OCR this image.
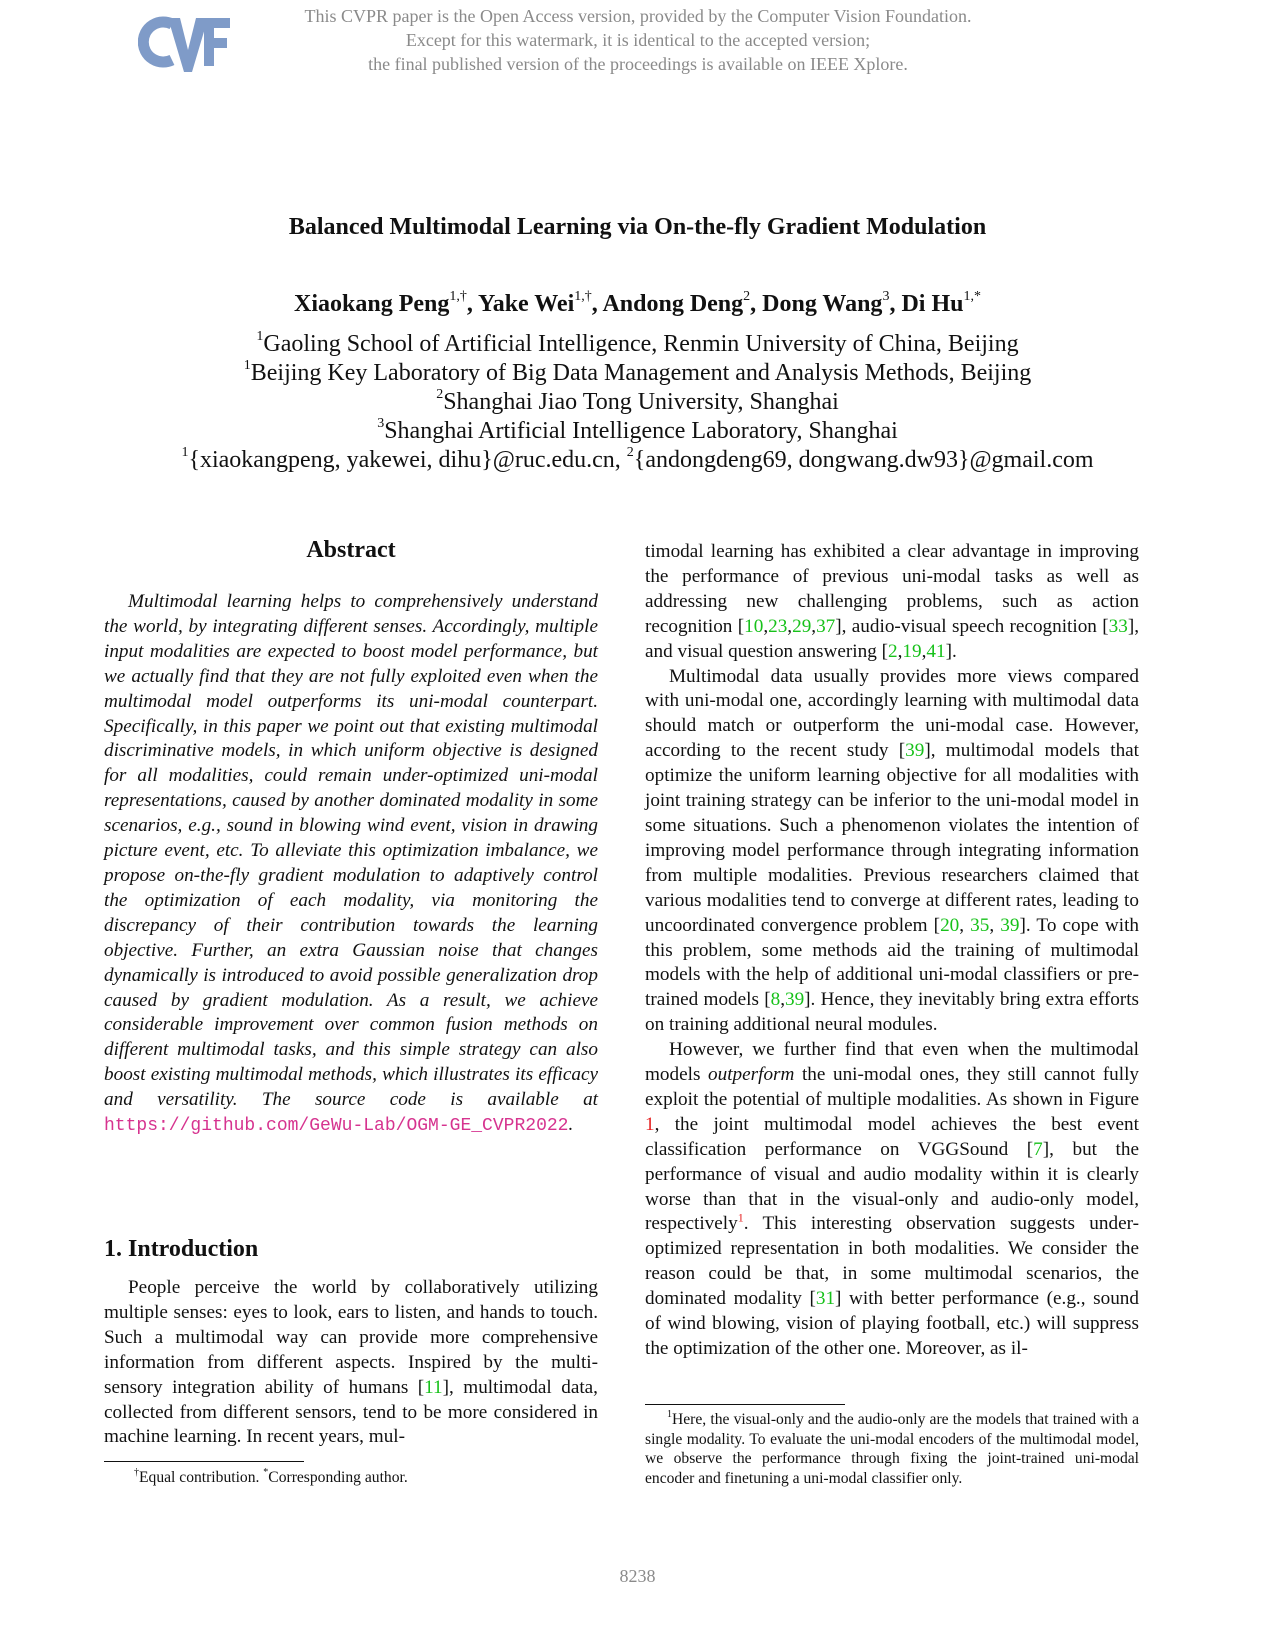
This CVPR paper is the Open Access version, provided by the Computer Vision Foundation.
Except for this watermark, it is identical to the accepted version;
the final published version of the proceedings is available on IEEE Xplore.
Balanced Multimodal Learning via On-the-fly Gradient Modulation
Xiaokang Peng$^{1,\dagger}$, Yake Wei$^{1,\dagger}$, Andong Deng$^2$, Dong Wang$^3$, Di $Hu^{1,*}$
$^1$Gaoling School of Artificial Intelligence, Renmin University of China, Beijing
$^1$Beijing Key Laboratory of Big Data Management and Analysis Methods, Beijing
$^2$Shanghai Jiao Tong University, Shanghai
$^3$Shanghai Artificial Intelligence Laboratory, Shanghai
$^1${xiaokangpeng, yakewei, dihu}@ruc.edu.cn, $^2${andongdeng69, dongwang.dw93}@gmail.com
Abstract

Multimodal learning helps to comprehensively understand the world, by integrating different senses. Accordingly, multiple input modalities are expected to boost model performance, but we actually find that they are not fully exploited even when the multimodal model outperforms its uni-modal counterpart. Specifically, in this paper we point out that existing multimodal discriminative models, in which uniform objective is designed for all modalities, could remain under-optimized uni-modal representations, caused by another dominated modality in some scenarios, e.g., sound in blowing wind event, vision in drawing picture event, etc. To alleviate this optimization imbalance, we propose on-the-fly gradient modulation to adaptively control the optimization of each modality, via monitoring the discrepancy of their contribution towards the learning objective. Further, an extra Gaussian noise that changes dynamically is introduced to avoid possible generalization drop caused by gradient modulation. As a result, we achieve considerable improvement over common fusion methods on different multimodal tasks, and this simple strategy can also boost existing multimodal methods, which illustrates its efficacy and versatility. The source code is available at https://github.com/GeWu-Lab/OGM-GE_CVPR2022.

1. Introduction

People perceive the world by collaboratively utilizing multiple senses: eyes to look, ears to listen, and hands to touch. Such a multimodal way can provide more comprehensive information from different aspects. Inspired by the multi-sensory integration ability of humans [11], multimodal data, collected from different sensors, tend to be more considered in machine learning. In recent years, mul-

†Equal contribution. *Corresponding author.

timodal learning has exhibited a clear advantage in improving the performance of previous uni-modal tasks as well as addressing new challenging problems, such as action recognition [10,23,29,37], audio-visual speech recognition [33], and visual question answering [2,19,41].

Multimodal data usually provides more views compared with uni-modal one, accordingly learning with multimodal data should match or outperform the uni-modal case. However, according to the recent study [39], multimodal models that optimize the uniform learning objective for all modalities with joint training strategy can be inferior to the uni-modal model in some situations. Such a phenomenon violates the intention of improving model performance through integrating information from multiple modalities. Previous researchers claimed that various modalities tend to converge at different rates, leading to uncoordinated convergence problem [20, 35, 39]. To cope with this problem, some methods aid the training of multimodal models with the help of additional uni-modal classifiers or pre-trained models [8,39]. Hence, they inevitably bring extra efforts on training additional neural modules.

However, we further find that even when the multimodal models outperform the uni-modal ones, they still cannot fully exploit the potential of multiple modalities. As shown in Figure 1, the joint multimodal model achieves the best event classification performance on VGGSound [7], but the performance of visual and audio modality within it is clearly worse than that in the visual-only and audio-only model, respectively$^1$. This interesting observation suggests under-optimized representation in both modalities. We consider the reason could be that, in some multimodal scenarios, the dominated modality [31] with better performance (e.g., sound of wind blowing, vision of playing football, etc.) will suppress the optimization of the other one. Moreover, as il-

$^1$Here, the visual-only and the audio-only are the models that trained with a single modality. To evaluate the uni-modal encoders of the multimodal model, we observe the performance through fixing the joint-trained uni-modal encoder and finetuning a uni-modal classifier only.
8238
